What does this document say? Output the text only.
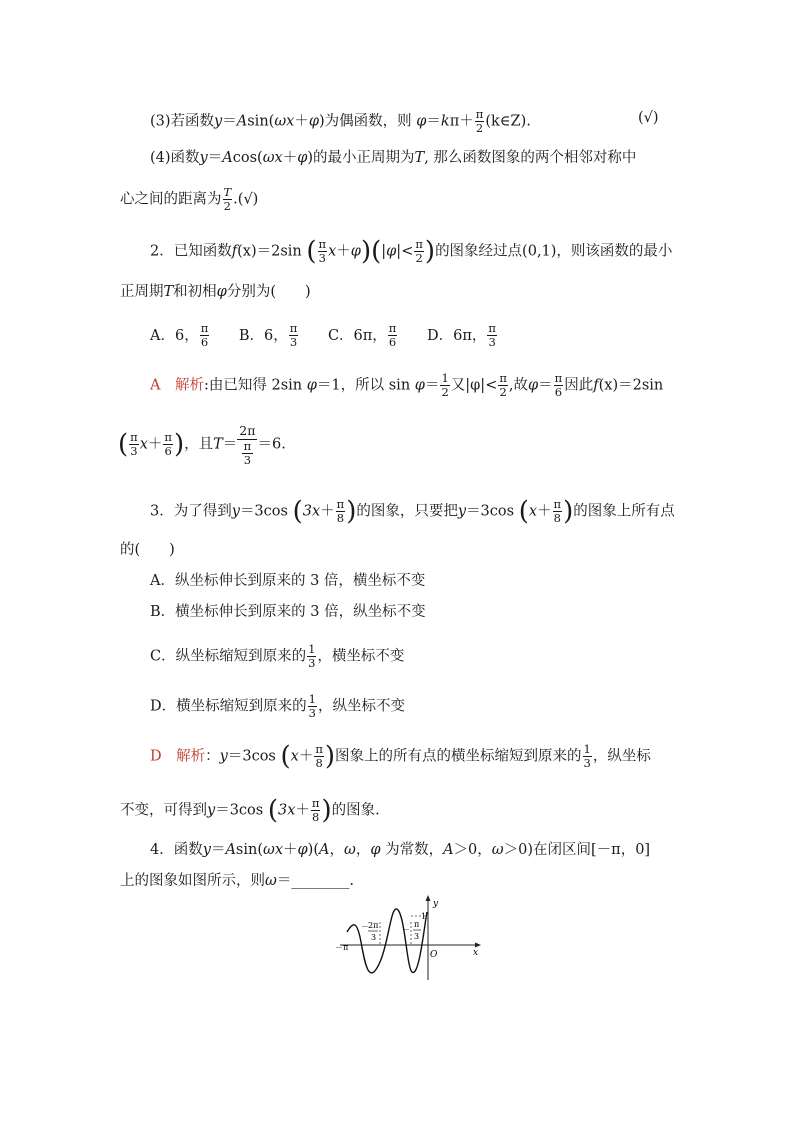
(3)若函数y＝Asin(ωx＋φ)为偶函数，则 $\varphi=k\pi+ \frac{\pi}{2}$ (k∈Z).	(√)
(4)函数y＝Acos(ωx＋φ)的最小正周期为T, 那么函数图象的两个相邻对称中
心之间的距离为 $\frac{T}{2}$ .(√)
2．已知函数f(x)＝2sin ( $\frac{\pi}{3} x+\varphi)(|\varphi|< \frac{\pi}{2}$ )的图象经过点(0,1)，则该函数的最小
正周期T和初相φ分别为(　　)
A．6， $\frac{\pi}{6}$ B．6， $\frac{\pi}{3}$ C．6π， $\frac{\pi}{6}$ D．6π， $\frac{\pi}{3}$
A　 解析:由已知得 2sin φ＝1，所以 $\sin \varphi= \frac{1}{2}$ 又$|\varphi|< \frac{\pi}{2}$ ,故$\varphi= \frac{\pi}{6}$ 因此f(x)＝2sin
( $\frac{\pi}{3} x+ \frac{\pi}{6}$ )，且$T= \frac{2\pi}{\frac{\pi}{3}} =6$.
3．为了得到y＝3cos ($3x+ \frac{\pi}{8}$ )的图象，只要把y＝3cos ($x+ \frac{\pi}{8}$ )的图象上所有点
的(　　)
A．纵坐标伸长到原来的 3 倍，横坐标不变
B．横坐标伸长到原来的 3 倍，纵坐标不变
C．纵坐标缩短到原来的 $\frac{1}{3}$ ，横坐标不变
D．横坐标缩短到原来的 $\frac{1}{3}$ ，纵坐标不变
D　 解析：y＝3cos ($x+ \frac{\pi}{8}$ )图象上的所有点的横坐标缩短到原来的 $\frac{1}{3}$ ，纵坐标
不变，可得到y＝3cos ($3x+ \frac{\pi}{8}$ )的图象.
4．函数y＝Asin(ωx＋φ)(A，ω，φ 为常数，A＞0，ω＞0)在闭区间[－π，0]
上的图象如图所示，则ω＝________.
－π
－ 2π
3
－
π
3
1
O
y
x
